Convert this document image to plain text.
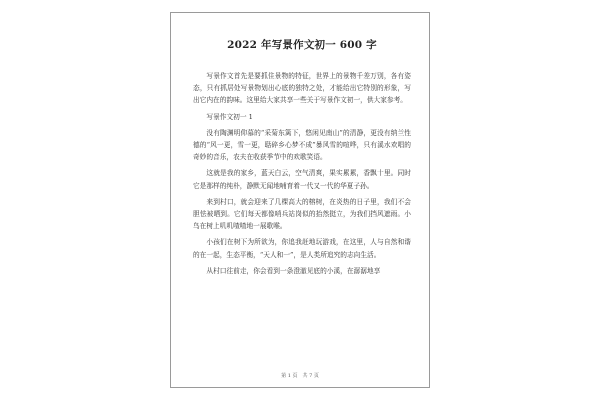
2022 年写景作文初一 600 字

写景作文首先是要抓住景物的特征，世界上的景物千差万别，各有姿态，只有抓居处写景物划出心底的独特之处，才能给出它特别的形象，写出它内在的韵味。这里给大家共享一些关于写景作文初一，供大家参考。

写景作文初一 1

没有陶渊明仰慕的“采菊东篱下，悠闲见南山”的清静，更没有纳兰性德的“风一更，雪一更，聒碎乡心梦不成”暴风雪的喧哗，只有溪水欢唱的奇妙的音乐，农夫在收获季节中的欢歌笑语。

这就是我的家乡，蓝天白云，空气清爽，果实累累，香飘十里。同时它是那样的纯朴，静默无闻地哺育着一代又一代的华夏子孙。

来到村口，就会迎来了几棵高大的榕树，在炎热的日子里，我们不会胆怯被晒到。它们每天都像哨兵站岗似的抬然挺立，为我们挡风遮雨。小鸟在树上叽叽喳喳地一展歌喉。

小孩们在树下为所欲为，你追我赶地玩游戏，在这里，人与自然和谐的在一起，生态平衡，“天人和一”，是人类所追究的志向生活。

从村口往前走，你会看到一条澄澈见底的小溪，在潺潺地享

第 1 页　共 7 页
